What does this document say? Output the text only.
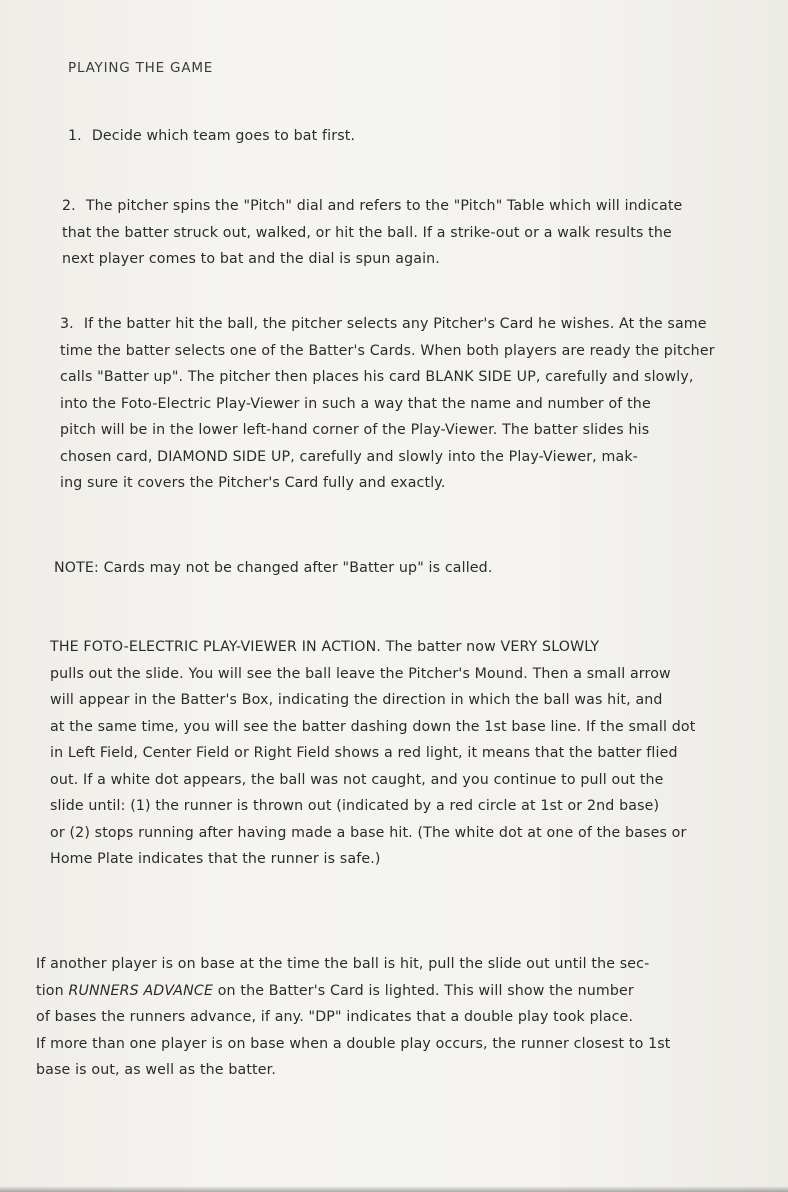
PLAYING THE GAME
1. Decide which team goes to bat first.
2. The pitcher spins the "Pitch" dial and refers to the "Pitch" Table which will indicate
that the batter struck out, walked, or hit the ball. If a strike-out or a walk results the
next player comes to bat and the dial is spun again.
3. If the batter hit the ball, the pitcher selects any Pitcher's Card he wishes. At the same
time the batter selects one of the Batter's Cards. When both players are ready the pitcher
calls "Batter up". The pitcher then places his card BLANK SIDE UP, carefully and slowly,
into the Foto-Electric Play-Viewer in such a way that the name and number of the
pitch will be in the lower left-hand corner of the Play-Viewer. The batter slides his
chosen card, DIAMOND SIDE UP, carefully and slowly into the Play-Viewer, mak-
ing sure it covers the Pitcher's Card fully and exactly.
NOTE: Cards may not be changed after "Batter up" is called.
THE FOTO-ELECTRIC PLAY-VIEWER IN ACTION. The batter now VERY SLOWLY
pulls out the slide. You will see the ball leave the Pitcher's Mound. Then a small arrow
will appear in the Batter's Box, indicating the direction in which the ball was hit, and
at the same time, you will see the batter dashing down the 1st base line. If the small dot
in Left Field, Center Field or Right Field shows a red light, it means that the batter flied
out. If a white dot appears, the ball was not caught, and you continue to pull out the
slide until: (1) the runner is thrown out (indicated by a red circle at 1st or 2nd base)
or (2) stops running after having made a base hit. (The white dot at one of the bases or
Home Plate indicates that the runner is safe.)
If another player is on base at the time the ball is hit, pull the slide out until the sec-
tion RUNNERS ADVANCE on the Batter's Card is lighted. This will show the number
of bases the runners advance, if any. "DP" indicates that a double play took place.
If more than one player is on base when a double play occurs, the runner closest to 1st
base is out, as well as the batter.
